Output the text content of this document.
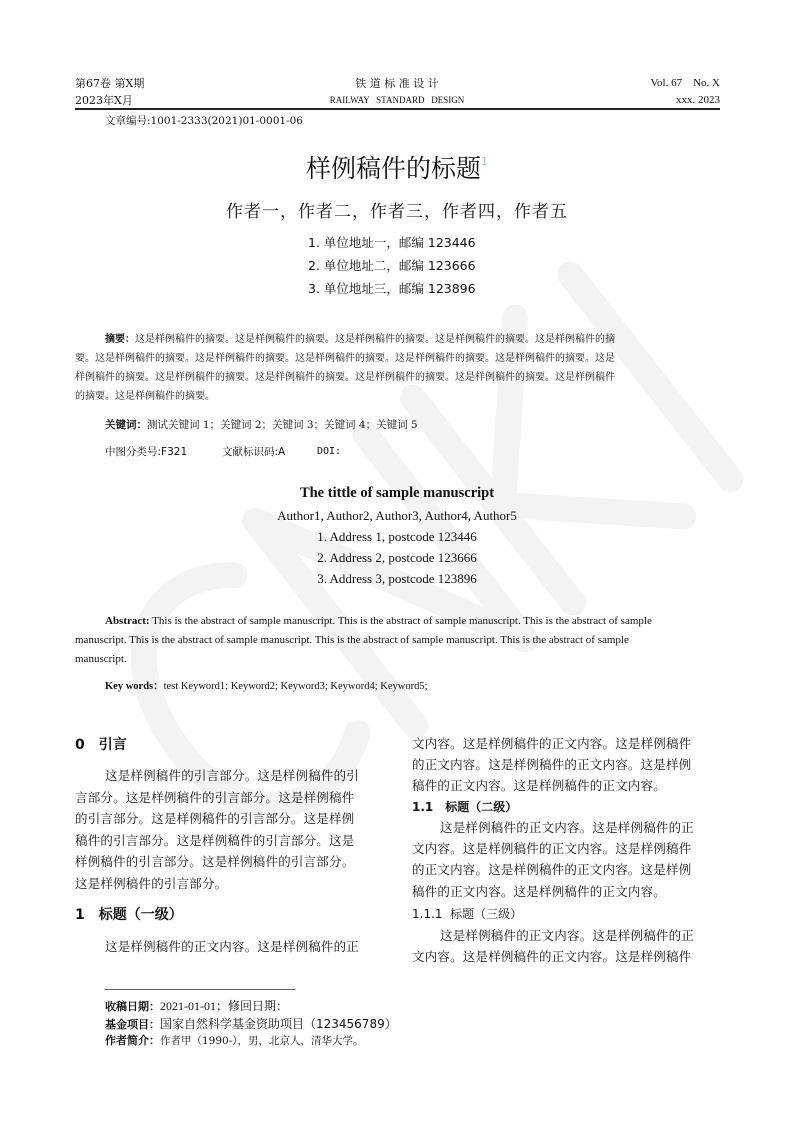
第67卷 第X期
2023年X月
铁 道 标 准 设 计
RAILWAY   STANDARD   DESIGN
Vol. 67    No. X
xxx. 2023
文章编号:1001-2333(2021)01-0001-06
样例稿件的标题$^1$
作者一，作者二，作者三，作者四，作者五
1. 单位地址一，邮编 123446
2. 单位地址二，邮编 123666
3. 单位地址三，邮编 123896
摘要：这是样例稿件的摘要。这是样例稿件的摘要。这是样例稿件的摘要。这是样例稿件的摘要。这是样例稿件的摘
要。这是样例稿件的摘要。这是样例稿件的摘要。这是样例稿件的摘要。这是样例稿件的摘要。这是样例稿件的摘要。这是
样例稿件的摘要。这是样例稿件的摘要。这是样例稿件的摘要。这是样例稿件的摘要。这是样例稿件的摘要。这是样例稿件
的摘要。这是样例稿件的摘要。
关键词：测试关键词 1；关键词 2；关键词 3；关键词 4；关键词 5
中图分类号:F321	文献标识码:A	DOI:
The tittle of sample manuscript
Author1, Author2, Author3, Author4, Author5
1. Address 1, postcode 123446
2. Address 2, postcode 123666
3. Address 3, postcode 123896
Abstract: This is the abstract of sample manuscript. This is the abstract of sample manuscript. This is the abstract of sample
manuscript. This is the abstract of sample manuscript. This is the abstract of sample manuscript. This is the abstract of sample
manuscript.
Key words：test Keyword1; Keyword2; Keyword3; Keyword4; Keyword5;
0　引言
这是样例稿件的引言部分。这是样例稿件的引
言部分。这是样例稿件的引言部分。这是样例稿件
的引言部分。这是样例稿件的引言部分。这是样例
稿件的引言部分。这是样例稿件的引言部分。这是
样例稿件的引言部分。这是样例稿件的引言部分。
这是样例稿件的引言部分。
1　标题（一级）
这是样例稿件的正文内容。这是样例稿件的正
文内容。这是样例稿件的正文内容。这是样例稿件
的正文内容。这是样例稿件的正文内容。这是样例
稿件的正文内容。这是样例稿件的正文内容。
1.1　标题（二级）
这是样例稿件的正文内容。这是样例稿件的正
文内容。这是样例稿件的正文内容。这是样例稿件
的正文内容。这是样例稿件的正文内容。这是样例
稿件的正文内容。这是样例稿件的正文内容。
1.1.1  标题（三级）
这是样例稿件的正文内容。这是样例稿件的正
文内容。这是样例稿件的正文内容。这是样例稿件
收稿日期：2021-01-01；修回日期：
基金项目：国家自然科学基金资助项目（123456789）
作者简介：作者甲（1990-），男，北京人，清华大学。
